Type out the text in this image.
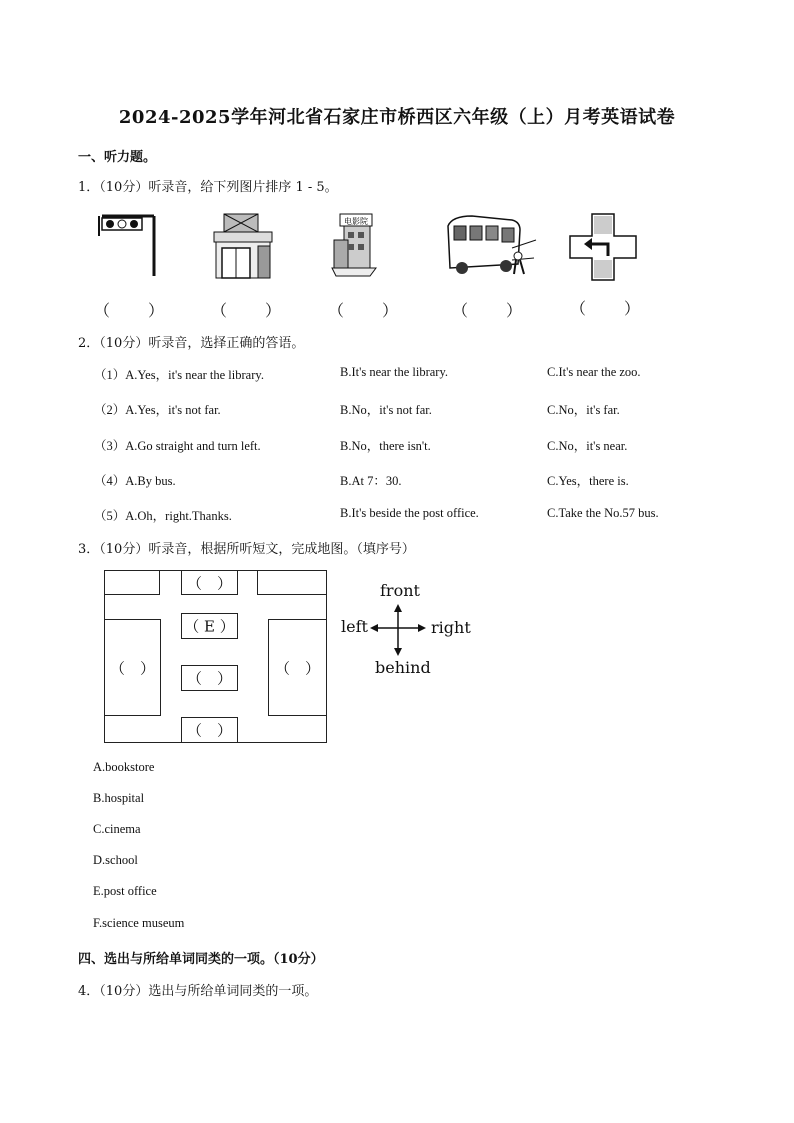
2024-2025学年河北省石家庄市桥西区六年级（上）月考英语试卷
一、听力题。
1．（10分）听录音，给下列图片排序 1 - 5。
电影院
（　　）	（　　）	（　　）	（　　）	（　　）
2．（10分）听录音，选择正确的答语。
（1）A.Yes，it's near the library.	B.It's near the library.	C.It's near the zoo.
（2）A.Yes，it's not far.	B.No，it's not far.	C.No，it's far.
（3）A.Go straight and turn left.	B.No，there isn't.	C.No，it's near.
（4）A.By bus.	B.At 7：30.	C.Yes，there is.
（5）A.Oh，right.Thanks.	B.It's beside the post office.	C.Take the No.57 bus.
3．（10分）听录音，根据所听短文，完成地图。（填序号）
（　）
（ E ）
（　）
（　）
（　）	（　）
front
left	right
behind
A.bookstore
B.hospital
C.cinema
D.school
E.post office
F.science museum
四、选出与所给单词同类的一项。（10分）
4．（10分）选出与所给单词同类的一项。
